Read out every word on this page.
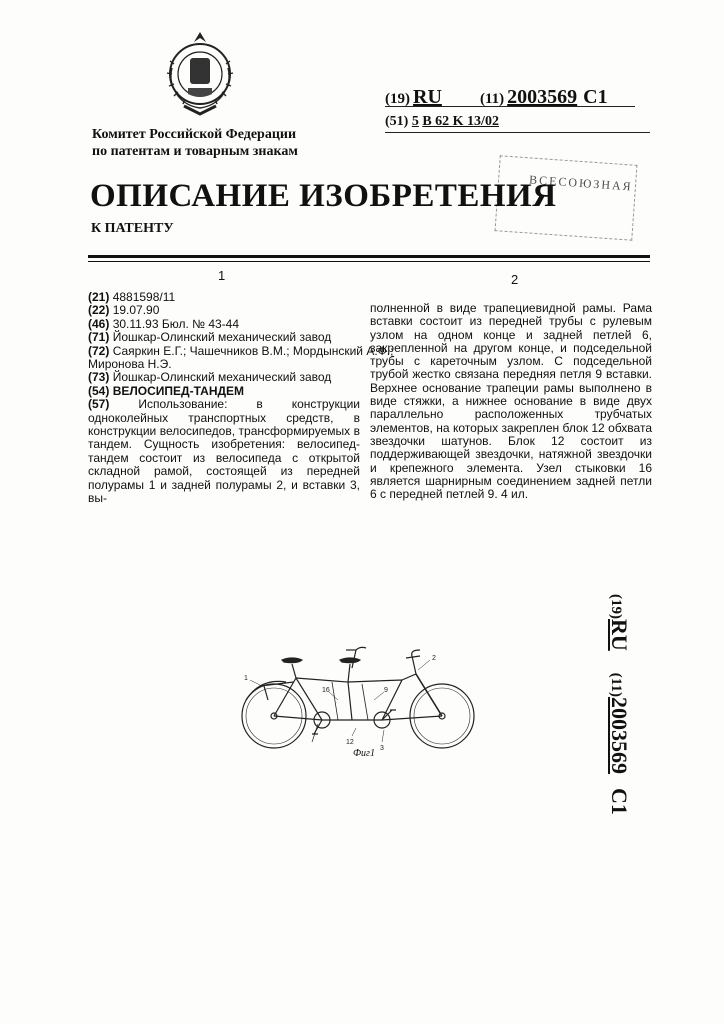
(19) RU	(11) 2003569 C1
(51) 5 B 62 K 13/02
Комитет Российской Федерации
по патентам и товарным знакам
ВСЕСОЮЗНАЯ
ОПИСАНИЕ ИЗОБРЕТЕНИЯ
К ПАТЕНТУ
1	2
(21) 4881598/11
(22) 19.07.90
(46) 30.11.93 Бюл. № 43-44
(71) Йошкар-Олинский механический завод
(72) Саяркин Е.Г.; Чашечников В.М.; Мордынский А.Ф.;
Миронова Н.Э.
(73) Йошкар-Олинский механический завод
(54) ВЕЛОСИПЕД-ТАНДЕМ
(57) Использование: в конструкции одноколейных транспортных средств, в конструкции велосипедов, трансформируемых в тандем. Сущность изобретения: велосипед-тандем состоит из велосипеда с открытой складной рамой, состоящей из передней полурамы 1 и задней полурамы 2, и вставки 3, вы-
полненной в виде трапециевидной рамы. Рама вставки состоит из передней трубы с рулевым узлом на одном конце и задней петлей 6, закрепленной на другом конце, и подседельной трубы с кареточным узлом. С подседельной трубой жестко связана передняя петля 9 вставки. Верхнее основание трапеции рамы выполнено в виде стяжки, а нижнее основание в виде двух параллельно расположенных трубчатых элементов, на которых закреплен блок 12 обхвата звездочки шатунов. Блок 12 состоит из поддерживающей звездочки, натяжной звездочки и крепежного элемента. Узел стыковки 16 является шарнирным соединением задней петли 6 с передней петлей 9. 4 ил.
(19)RU(11)2003569C1
1
2
16	9
12
3
Фиг1
